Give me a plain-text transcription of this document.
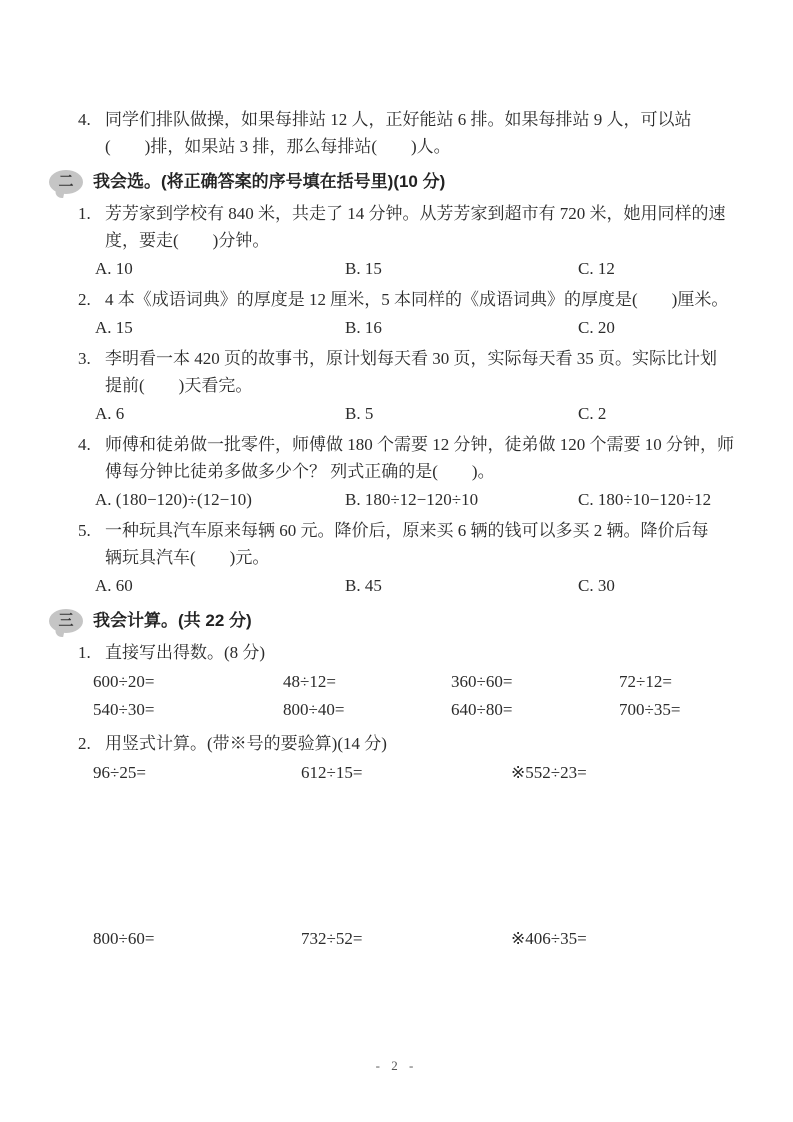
4. 同学们排队做操，如果每排站 12 人，正好能站 6 排。如果每排站 9 人，可以站
(        )排，如果站 3 排，那么每排站(        )人。
二	我会选。(将正确答案的序号填在括号里)(10 分)
1. 芳芳家到学校有 840 米，共走了 14 分钟。从芳芳家到超市有 720 米，她用同样的速
度，要走(        )分钟。
A. 10	B. 15	C. 12
2. 4 本《成语词典》的厚度是 12 厘米，5 本同样的《成语词典》的厚度是(        )厘米。
A. 15	B. 16	C. 20
3. 李明看一本 420 页的故事书，原计划每天看 30 页，实际每天看 35 页。实际比计划
提前(        )天看完。
A. 6	B. 5	C. 2
4. 师傅和徒弟做一批零件，师傅做 180 个需要 12 分钟，徒弟做 120 个需要 10 分钟，师
傅每分钟比徒弟多做多少个？ 列式正确的是(        )。
A. (180−120)÷(12−10)	B. 180÷12−120÷10	C. 180÷10−120÷12
5. 一种玩具汽车原来每辆 60 元。降价后，原来买 6 辆的钱可以多买 2 辆。降价后每
辆玩具汽车(        )元。
A. 60	B. 45	C. 30
三	我会计算。(共 22 分)
1. 直接写出得数。(8 分)
600÷20=	48÷12=	360÷60=	72÷12=
540÷30=	800÷40=	640÷80=	700÷35=
2. 用竖式计算。(带※号的要验算)(14 分)
96÷25=	612÷15=	※552÷23=
800÷60=	732÷52=	※406÷35=
- 2 -
